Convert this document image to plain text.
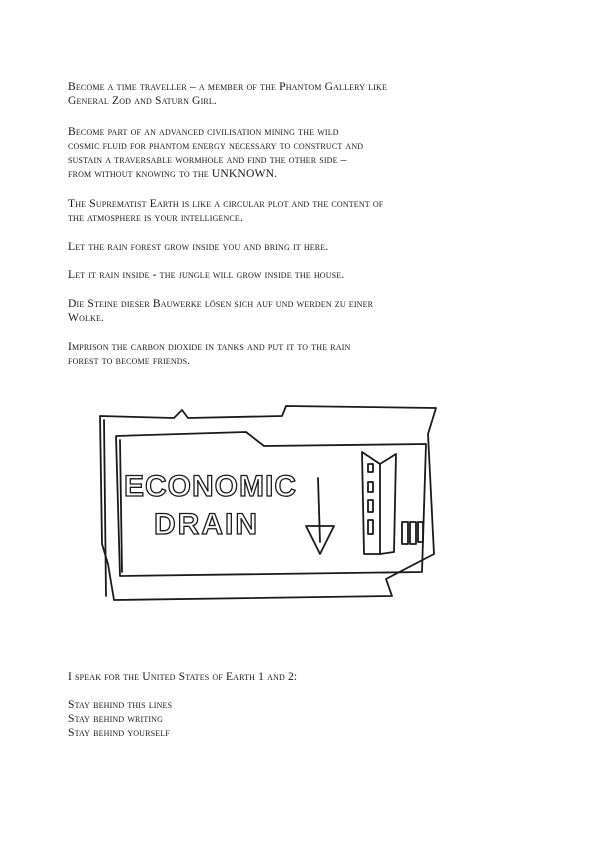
Become a time traveller – a member of the Phantom Gallery like
General Zod and Saturn Girl.

Become part of an advanced civilisation mining the wild
cosmic fluid for phantom energy necessary to construct and
sustain a traversable wormhole and find the other side –
from without knowing to the UNKNOWN.

The Suprematist Earth is like a circular plot and the content of
the atmosphere is your intelligence.

Let the rain forest grow inside you and bring it here.

Let it rain inside - the jungle will grow inside the house.

Die Steine dieser Bauwerke lösen sich auf und werden zu einer
Wolke.

Imprison the carbon dioxide in tanks and put it to the rain
forest to become friends.

ECONOMIC
DRAIN

I speak for the United States of Earth 1 and 2:

Stay behind this lines
Stay behind writing
Stay behind yourself
